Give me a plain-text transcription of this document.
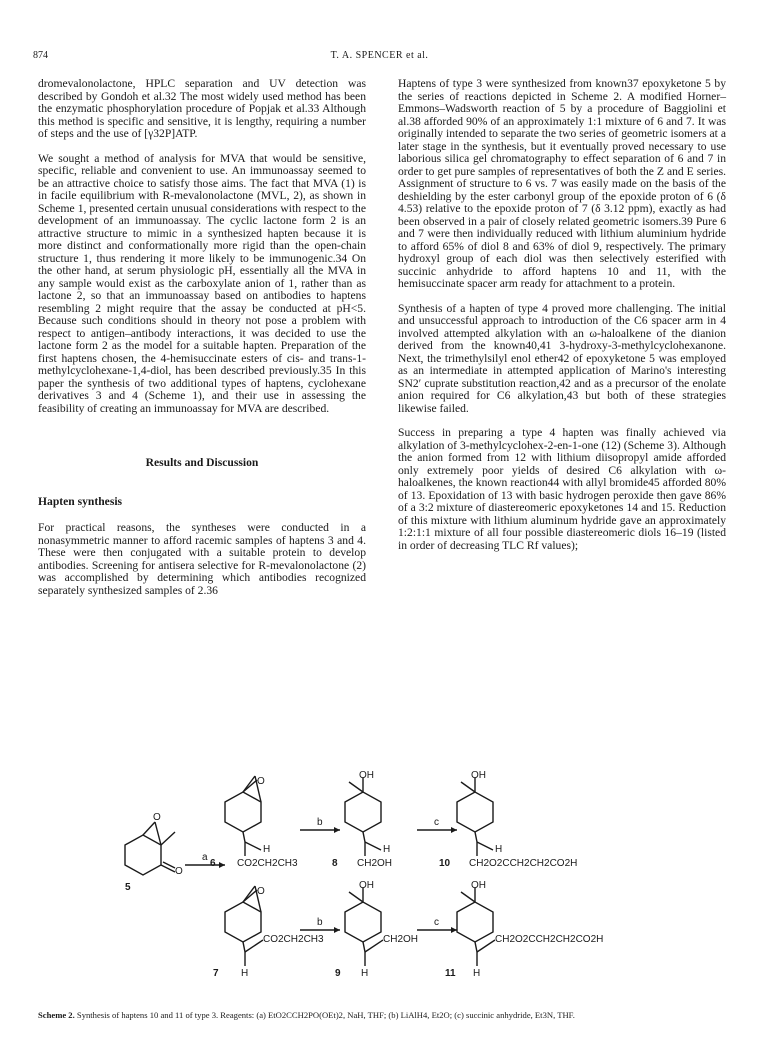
874	T. A. SPENCER et al.

dromevalonolactone, HPLC separation and UV detection was described by Gondoh et al.32 The most widely used method has been the enzymatic phosphorylation procedure of Popjak et al.33 Although this method is specific and sensitive, it is lengthy, requiring a number of steps and the use of [γ32P]ATP.

We sought a method of analysis for MVA that would be sensitive, specific, reliable and convenient to use. An immunoassay seemed to be an attractive choice to satisfy those aims. The fact that MVA (1) is in facile equilibrium with R-mevalonolactone (MVL, 2), as shown in Scheme 1, presented certain unusual considerations with respect to the development of an immunoassay. The cyclic lactone form 2 is an attractive structure to mimic in a synthesized hapten because it is more distinct and conformationally more rigid than the open-chain structure 1, thus rendering it more likely to be immunogenic.34 On the other hand, at serum physiologic pH, essentially all the MVA in any sample would exist as the carboxylate anion of 1, rather than as lactone 2, so that an immunoassay based on antibodies to haptens resembling 2 might require that the assay be conducted at pH<5. Because such conditions should in theory not pose a problem with respect to antigen–antibody interactions, it was decided to use the lactone form 2 as the model for a suitable hapten. Preparation of the first haptens chosen, the 4-hemisuccinate esters of cis- and trans-1-methylcyclohexane-1,4-diol, has been described previously.35 In this paper the synthesis of two additional types of haptens, cyclohexane derivatives 3 and 4 (Scheme 1), and their use in assessing the feasibility of creating an immunoassay for MVA are described.

Results and Discussion
Hapten synthesis

For practical reasons, the syntheses were conducted in a nonasymmetric manner to afford racemic samples of haptens 3 and 4. These were then conjugated with a suitable protein to develop antibodies. Screening for antisera selective for R-mevalonolactone (2) was accomplished by determining which antibodies recognized separately synthesized samples of 2.36

Haptens of type 3 were synthesized from known37 epoxyketone 5 by the series of reactions depicted in Scheme 2. A modified Horner–Emmons–Wadsworth reaction of 5 by a procedure of Baggiolini et al.38 afforded 90% of an approximately 1:1 mixture of 6 and 7. It was originally intended to separate the two series of geometric isomers at a later stage in the synthesis, but it eventually proved necessary to use laborious silica gel chromatography to effect separation of 6 and 7 in order to get pure samples of representatives of both the Z and E series. Assignment of structure to 6 vs. 7 was easily made on the basis of the deshielding by the ester carbonyl group of the epoxide proton of 6 (δ 4.53) relative to the epoxide proton of 7 (δ 3.12 ppm), exactly as had been observed in a pair of closely related geometric isomers.39 Pure 6 and 7 were then individually reduced with lithium aluminium hydride to afford 65% of diol 8 and 63% of diol 9, respectively. The primary hydroxyl group of each diol was then selectively esterified with succinic anhydride to afford haptens 10 and 11, with the hemisuccinate spacer arm ready for attachment to a protein.

Synthesis of a hapten of type 4 proved more challenging. The initial and unsuccessful approach to introduction of the C6 spacer arm in 4 involved attempted alkylation with an ω-haloalkene of the dianion derived from the known40,41 3-hydroxy-3-methylcyclohexanone. Next, the trimethylsilyl enol ether42 of epoxyketone 5 was employed as an intermediate in attempted application of Marino's interesting SN2′ cuprate substitution reaction,42 and as a precursor of the enolate anion required for C6 alkylation,43 but both of these strategies likewise failed.

Success in preparing a type 4 hapten was finally achieved via alkylation of 3-methylcyclohex-2-en-1-one (12) (Scheme 3). Although the anion formed from 12 with lithium diisopropyl amide afforded only extremely poor yields of desired C6 alkylation with ω-haloalkenes, the known reaction44 with allyl bromide45 afforded 80% of 13. Epoxidation of 13 with basic hydrogen peroxide then gave 86% of a 3:2 mixture of diastereomeric epoxyketones 14 and 15. Reduction of this mixture with lithium aluminum hydride gave an approximately 1:2:1:1 mixture of all four possible diastereomeric diols 16–19 (listed in order of decreasing TLC Rf values);

a
b	c
b	c
O
O
5
O
H
CO2CH2CH3
6
OH
H
CH2OH
8
OH
H
CH2O2CCH2CH2CO2H
10
O
CO2CH2CH3
H
7
OH
CH2OH
H
9
OH
CH2O2CCH2CH2CO2H
H
11
Scheme 2. Synthesis of haptens 10 and 11 of type 3. Reagents: (a) EtO2CCH2PO(OEt)2, NaH, THF; (b) LiAlH4, Et2O; (c) succinic anhydride, Et3N, THF.
